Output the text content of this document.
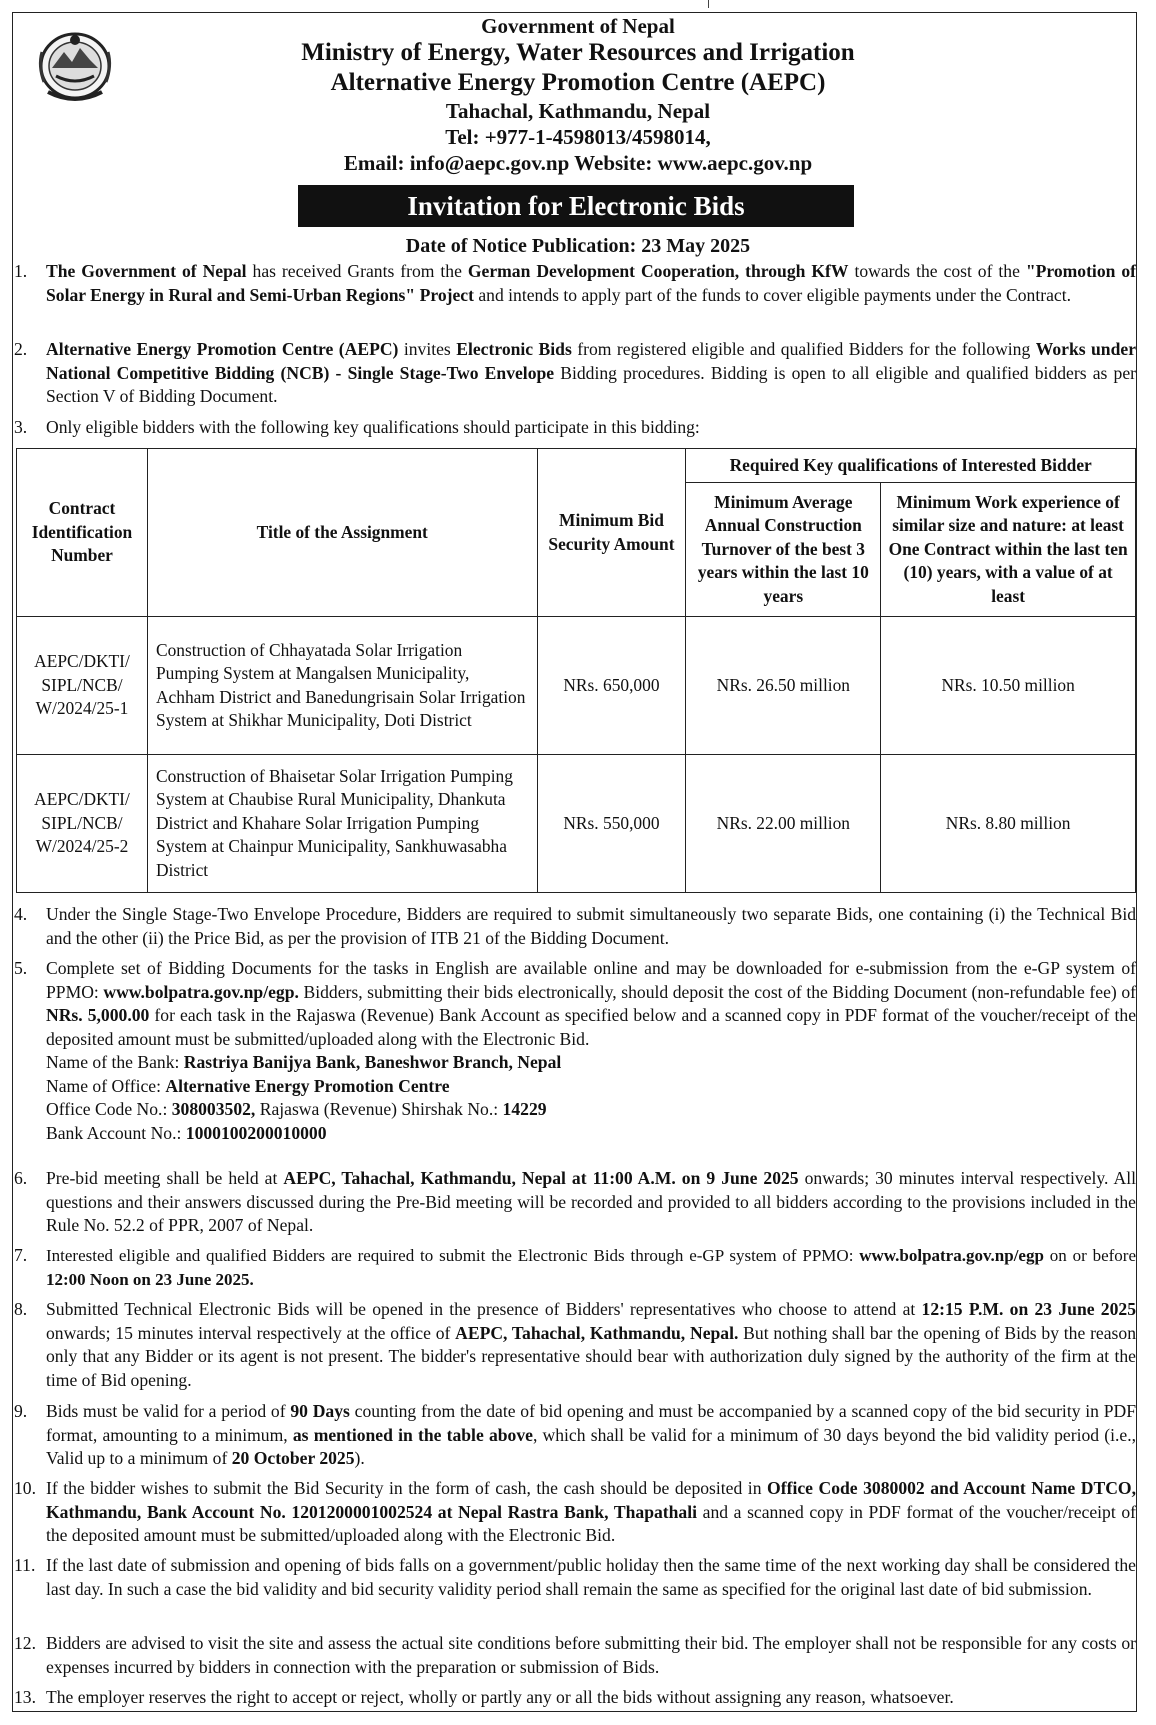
Government of Nepal
Ministry of Energy, Water Resources and Irrigation
Alternative Energy Promotion Centre (AEPC)
Tahachal, Kathmandu, Nepal
Tel: +977-1-4598013/4598014,
Email: info@aepc.gov.np Website: www.aepc.gov.np
Invitation for Electronic Bids
Date of Notice Publication: 23 May 2025
1. The Government of Nepal has received Grants from the German Development Cooperation, through KfW towards the cost of the "Promotion of Solar Energy in Rural and Semi-Urban Regions" Project and intends to apply part of the funds to cover eligible payments under the Contract.
2. Alternative Energy Promotion Centre (AEPC) invites Electronic Bids from registered eligible and qualified Bidders for the following Works under National Competitive Bidding (NCB) - Single Stage-Two Envelope Bidding procedures. Bidding is open to all eligible and qualified bidders as per Section V of Bidding Document.
3. Only eligible bidders with the following key qualifications should participate in this bidding:
Contract Identification Number	Title of the Assignment	Minimum Bid Security Amount	Required Key qualifications of Interested Bidder	
			Minimum Average Annual Construction Turnover of the best 3 years within the last 10 years	Minimum Work experience of similar size and nature: at least One Contract within the last ten (10) years, with a value of at least
AEPC/DKTI/ SIPL/NCB/ W/2024/25-1	Construction of Chhayatada Solar Irrigation Pumping System at Mangalsen Municipality, Achham District and Banedungrisain Solar Irrigation System at Shikhar Municipality, Doti District	NRs. 650,000	NRs. 26.50 million	NRs. 10.50 million
AEPC/DKTI/ SIPL/NCB/ W/2024/25-2	Construction of Bhaisetar Solar Irrigation Pumping System at Chaubise Rural Municipality, Dhankuta District and Khahare Solar Irrigation Pumping System at Chainpur Municipality, Sankhuwasabha District	NRs. 550,000	NRs. 22.00 million	NRs. 8.80 million
4. Under the Single Stage-Two Envelope Procedure, Bidders are required to submit simultaneously two separate Bids, one containing (i) the Technical Bid and the other (ii) the Price Bid, as per the provision of ITB 21 of the Bidding Document.
5. Complete set of Bidding Documents for the tasks in English are available online and may be downloaded for e-submission from the e-GP system of PPMO: www.bolpatra.gov.np/egp. Bidders, submitting their bids electronically, should deposit the cost of the Bidding Document (non-refundable fee) of NRs. 5,000.00 for each task in the Rajaswa (Revenue) Bank Account as specified below and a scanned copy in PDF format of the voucher/receipt of the deposited amount must be submitted/uploaded along with the Electronic Bid.
Name of the Bank: Rastriya Banijya Bank, Baneshwor Branch, Nepal
Name of Office: Alternative Energy Promotion Centre
Office Code No.: 308003502, Rajaswa (Revenue) Shirshak No.: 14229
Bank Account No.: 1000100200010000
6. Pre-bid meeting shall be held at AEPC, Tahachal, Kathmandu, Nepal at 11:00 A.M. on 9 June 2025 onwards; 30 minutes interval respectively. All questions and their answers discussed during the Pre-Bid meeting will be recorded and provided to all bidders according to the provisions included in the Rule No. 52.2 of PPR, 2007 of Nepal.
7. Interested eligible and qualified Bidders are required to submit the Electronic Bids through e-GP system of PPMO: www.bolpatra.gov.np/egp on or before 12:00 Noon on 23 June 2025.
8. Submitted Technical Electronic Bids will be opened in the presence of Bidders' representatives who choose to attend at 12:15 P.M. on 23 June 2025 onwards; 15 minutes interval respectively at the office of AEPC, Tahachal, Kathmandu, Nepal. But nothing shall bar the opening of Bids by the reason only that any Bidder or its agent is not present. The bidder's representative should bear with authorization duly signed by the authority of the firm at the time of Bid opening.
9. Bids must be valid for a period of 90 Days counting from the date of bid opening and must be accompanied by a scanned copy of the bid security in PDF format, amounting to a minimum, as mentioned in the table above, which shall be valid for a minimum of 30 days beyond the bid validity period (i.e., Valid up to a minimum of 20 October 2025).
10. If the bidder wishes to submit the Bid Security in the form of cash, the cash should be deposited in Office Code 3080002 and Account Name DTCO, Kathmandu, Bank Account No. 1201200001002524 at Nepal Rastra Bank, Thapathali and a scanned copy in PDF format of the voucher/receipt of the deposited amount must be submitted/uploaded along with the Electronic Bid.
11. If the last date of submission and opening of bids falls on a government/public holiday then the same time of the next working day shall be considered the last day. In such a case the bid validity and bid security validity period shall remain the same as specified for the original last date of bid submission.
12. Bidders are advised to visit the site and assess the actual site conditions before submitting their bid. The employer shall not be responsible for any costs or expenses incurred by bidders in connection with the preparation or submission of Bids.
13. The employer reserves the right to accept or reject, wholly or partly any or all the bids without assigning any reason, whatsoever.
